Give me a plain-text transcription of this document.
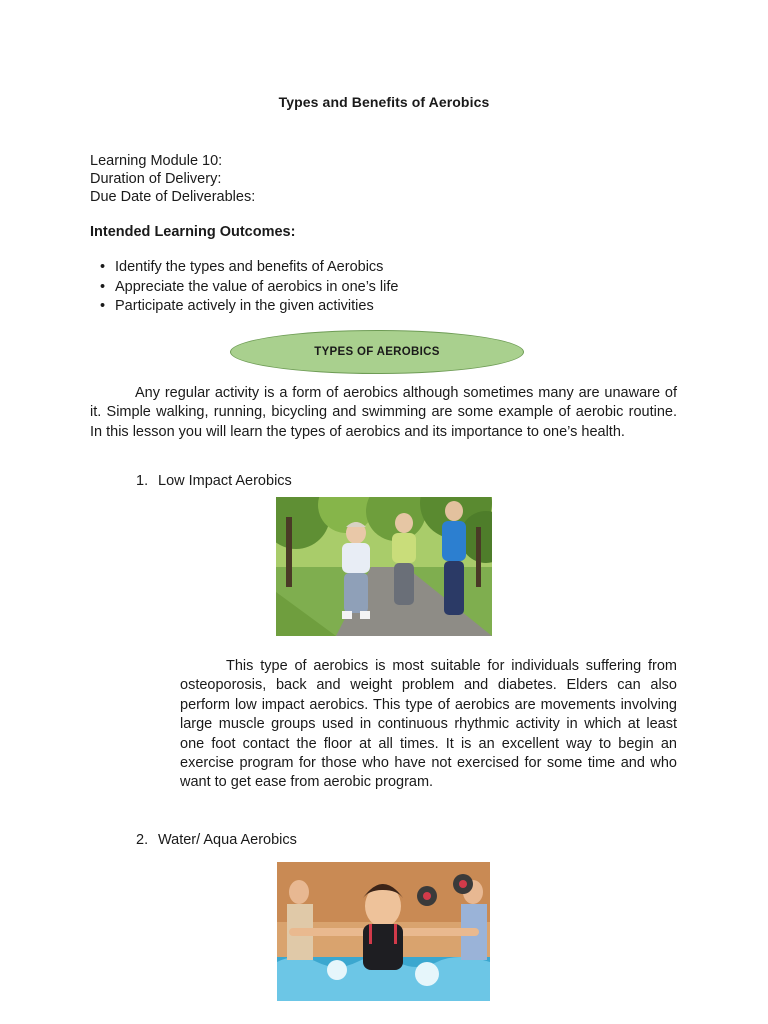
Types and Benefits of Aerobics
Learning Module 10:
Duration of Delivery:
Due Date of Deliverables:
Intended Learning Outcomes:
• Identify the types and benefits of Aerobics
• Appreciate the value of aerobics in one’s life
• Participate actively in the given activities
TYPES OF AEROBICS

Any regular activity is a form of aerobics although sometimes many are unaware of it. Simple walking, running, bicycling and swimming are some example of aerobic routine. In this lesson you will learn the types of aerobics and its importance to one’s health.

1. Low Impact Aerobics

This type of aerobics is most suitable for individuals suffering from osteoporosis, back and weight problem and diabetes. Elders can also perform low impact aerobics. This type of aerobics are movements involving large muscle groups used in continuous rhythmic activity in which at least one foot contact the floor at all times. It is an excellent way to begin an exercise program for those who have not exercised for some time and who want to get ease from aerobic program.

2. Water/ Aqua Aerobics
